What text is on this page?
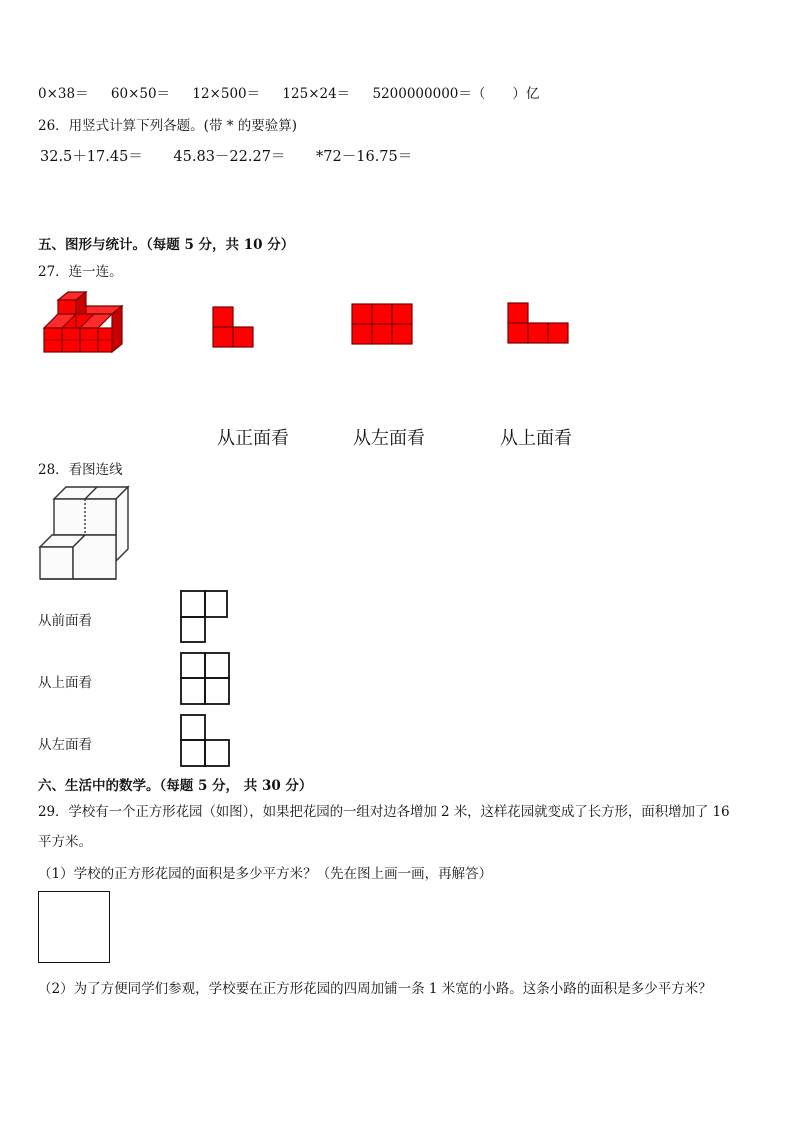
0×38＝ 60×50＝ 12×500＝ 125×24＝ 5200000000＝（　　）亿
26．用竖式计算下列各题。(带 * 的要验算)
32.5＋17.45＝ 45.83－22.27＝ *72－16.75＝
五、图形与统计。（每题 5 分，共 10 分）
27．连一连。
从正面看	从左面看	从上面看
28．看图连线
从前面看
从上面看
从左面看
六、生活中的数学。（每题 5 分， 共 30 分）
29．学校有一个正方形花园（如图），如果把花园的一组对边各增加 2 米，这样花园就变成了长方形，面积增加了 16
平方米。
（1）学校的正方形花园的面积是多少平方米？（先在图上画一画，再解答）
（2）为了方便同学们参观，学校要在正方形花园的四周加铺一条 1 米宽的小路。这条小路的面积是多少平方米？
